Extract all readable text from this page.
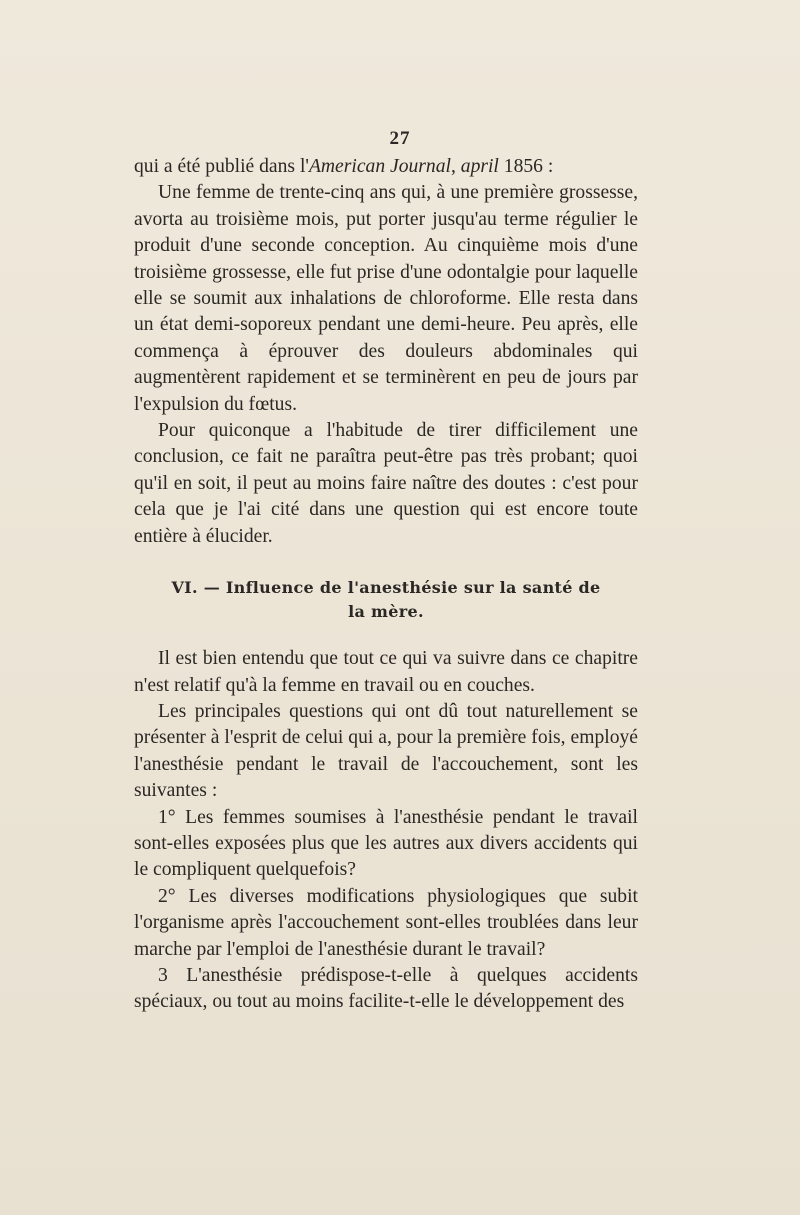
27

qui a été publié dans l'American Journal, april 1856 :

Une femme de trente-cinq ans qui, à une première grossesse, avorta au troisième mois, put porter jusqu'au terme régulier le produit d'une seconde conception. Au cinquième mois d'une troisième grossesse, elle fut prise d'une odontalgie pour laquelle elle se soumit aux inhalations de chloroforme. Elle resta dans un état demi-soporeux pendant une demi-heure. Peu après, elle commença à éprouver des douleurs abdominales qui augmentèrent rapidement et se terminèrent en peu de jours par l'expulsion du fœtus.

Pour quiconque a l'habitude de tirer difficilement une conclusion, ce fait ne paraîtra peut-être pas très probant; quoi qu'il en soit, il peut au moins faire naître des doutes : c'est pour cela que je l'ai cité dans une question qui est encore toute entière à élucider.

VI. — Influence de l'anesthésie sur la santé de
la mère.

Il est bien entendu que tout ce qui va suivre dans ce chapitre n'est relatif qu'à la femme en travail ou en couches.

Les principales questions qui ont dû tout naturellement se présenter à l'esprit de celui qui a, pour la première fois, employé l'anesthésie pendant le travail de l'accouchement, sont les suivantes :

1° Les femmes soumises à l'anesthésie pendant le travail sont-elles exposées plus que les autres aux divers accidents qui le compliquent quelquefois?

2° Les diverses modifications physiologiques que subit l'organisme après l'accouchement sont-elles troublées dans leur marche par l'emploi de l'anesthésie durant le travail?

3 L'anesthésie prédispose-t-elle à quelques accidents spéciaux, ou tout au moins facilite-t-elle le développement des
